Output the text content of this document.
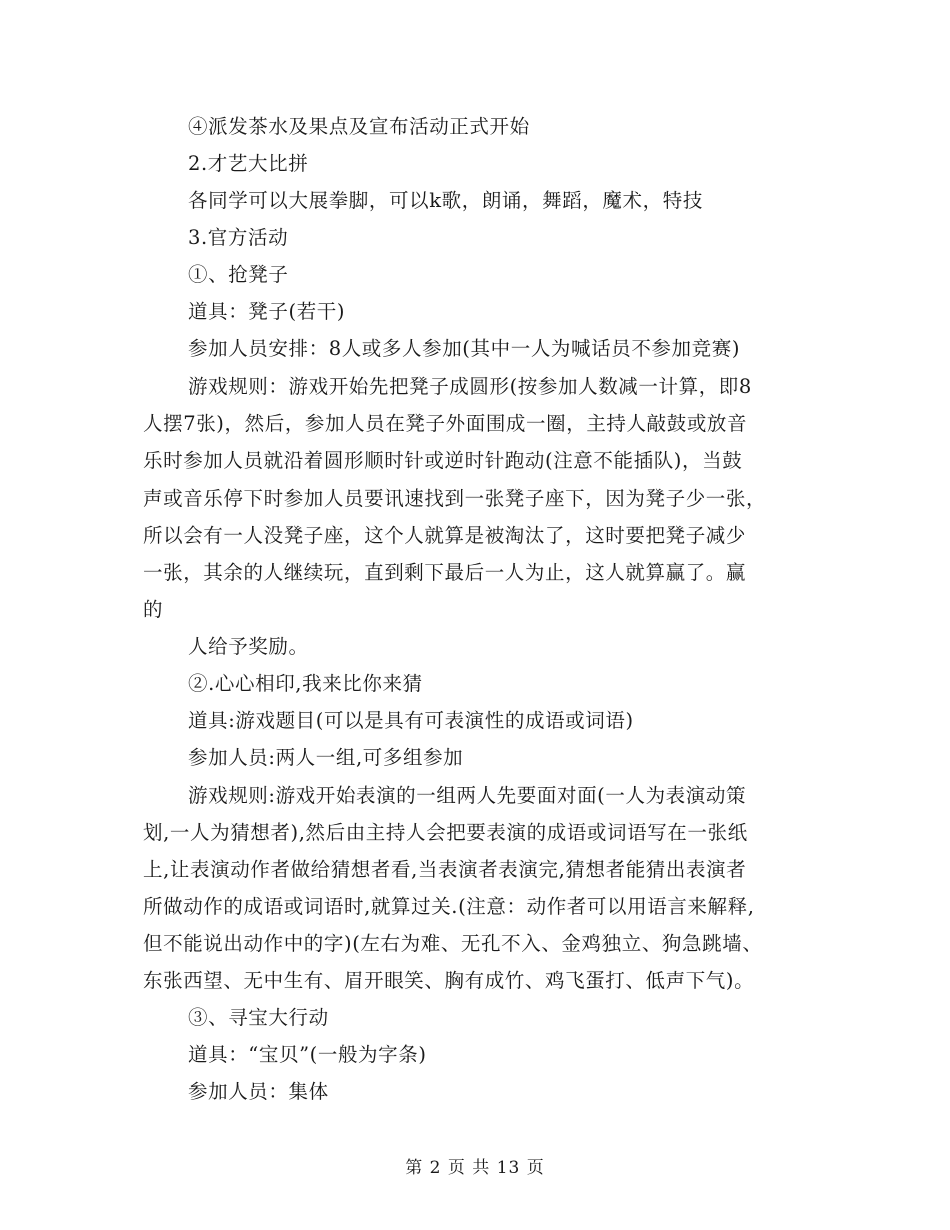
④派发茶水及果点及宣布活动正式开始
2.才艺大比拼
各同学可以大展拳脚，可以k歌，朗诵，舞蹈，魔术，特技
3.官方活动
①、抢凳子
道具：凳子(若干)
参加人员安排：8人或多人参加(其中一人为喊话员不参加竞赛)
游戏规则：游戏开始先把凳子成圆形(按参加人数减一计算，即8
人摆7张)，然后，参加人员在凳子外面围成一圈，主持人敲鼓或放音
乐时参加人员就沿着圆形顺时针或逆时针跑动(注意不能插队)，当鼓
声或音乐停下时参加人员要讯速找到一张凳子座下，因为凳子少一张，
所以会有一人没凳子座，这个人就算是被淘汰了，这时要把凳子减少
一张，其余的人继续玩，直到剩下最后一人为止，这人就算赢了。赢
的
人给予奖励。
②.心心相印,我来比你来猜
道具:游戏题目(可以是具有可表演性的成语或词语)
参加人员:两人一组,可多组参加
游戏规则:游戏开始表演的一组两人先要面对面(一人为表演动策
划,一人为猜想者),然后由主持人会把要表演的成语或词语写在一张纸
上,让表演动作者做给猜想者看,当表演者表演完,猜想者能猜出表演者
所做动作的成语或词语时,就算过关.(注意：动作者可以用语言来解释,
但不能说出动作中的字)(左右为难、无孔不入、金鸡独立、狗急跳墙、
东张西望、无中生有、眉开眼笑、胸有成竹、鸡飞蛋打、低声下气)。
③、寻宝大行动
道具：“宝贝”(一般为字条)
参加人员：集体
第 2 页 共 13 页
